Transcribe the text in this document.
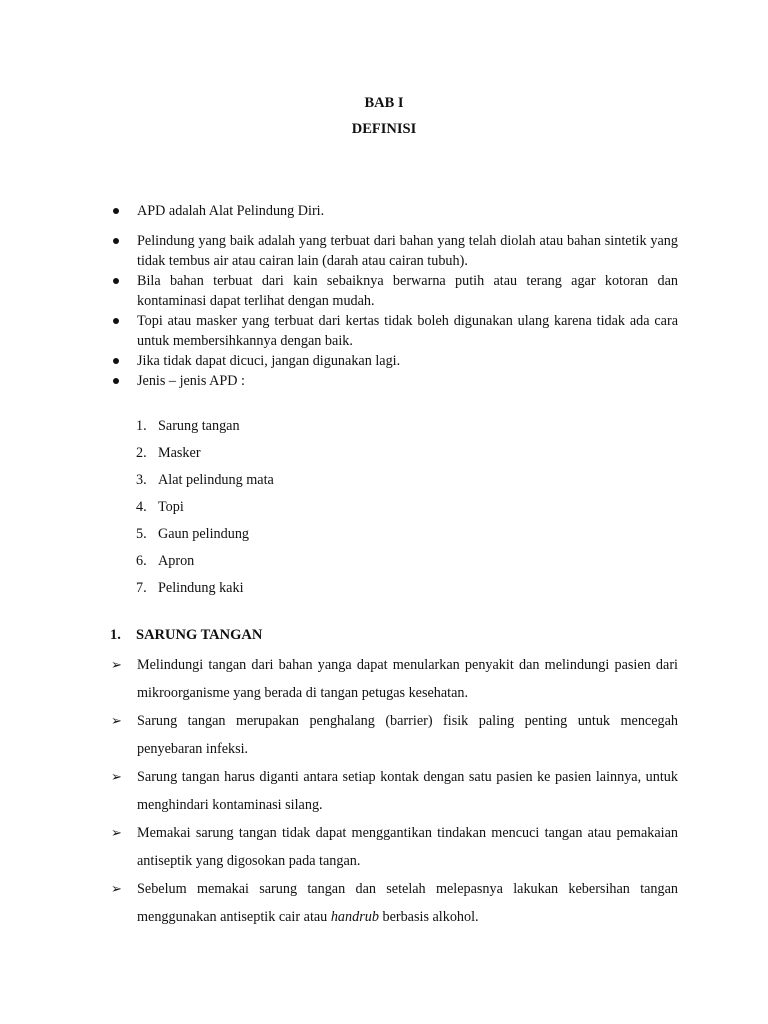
BAB I
DEFINISI
APD adalah Alat Pelindung Diri.
Pelindung yang baik adalah yang terbuat dari bahan yang telah diolah atau bahan sintetik yang tidak tembus air atau cairan lain (darah atau cairan tubuh).
Bila bahan terbuat dari kain sebaiknya berwarna putih atau terang agar kotoran dan kontaminasi dapat terlihat dengan mudah.
Topi atau masker yang terbuat dari kertas tidak boleh digunakan ulang karena tidak ada cara untuk membersihkannya dengan baik.
Jika tidak dapat dicuci, jangan digunakan lagi.
Jenis – jenis APD :
1. Sarung tangan
2. Masker
3. Alat pelindung mata
4. Topi
5. Gaun pelindung
6. Apron
7. Pelindung kaki
1. SARUNG TANGAN
➢ Melindungi tangan dari bahan yanga dapat menularkan penyakit dan melindungi pasien dari mikroorganisme yang berada di tangan petugas kesehatan.
➢ Sarung tangan merupakan penghalang (barrier) fisik paling penting untuk mencegah penyebaran infeksi.
➢ Sarung tangan harus diganti antara setiap kontak dengan satu pasien ke pasien lainnya, untuk menghindari kontaminasi silang.
➢ Memakai sarung tangan tidak dapat menggantikan tindakan mencuci tangan atau pemakaian antiseptik yang digosokan pada tangan.
➢ Sebelum memakai sarung tangan dan setelah melepasnya lakukan kebersihan tangan menggunakan antiseptik cair atau handrub berbasis alkohol.
